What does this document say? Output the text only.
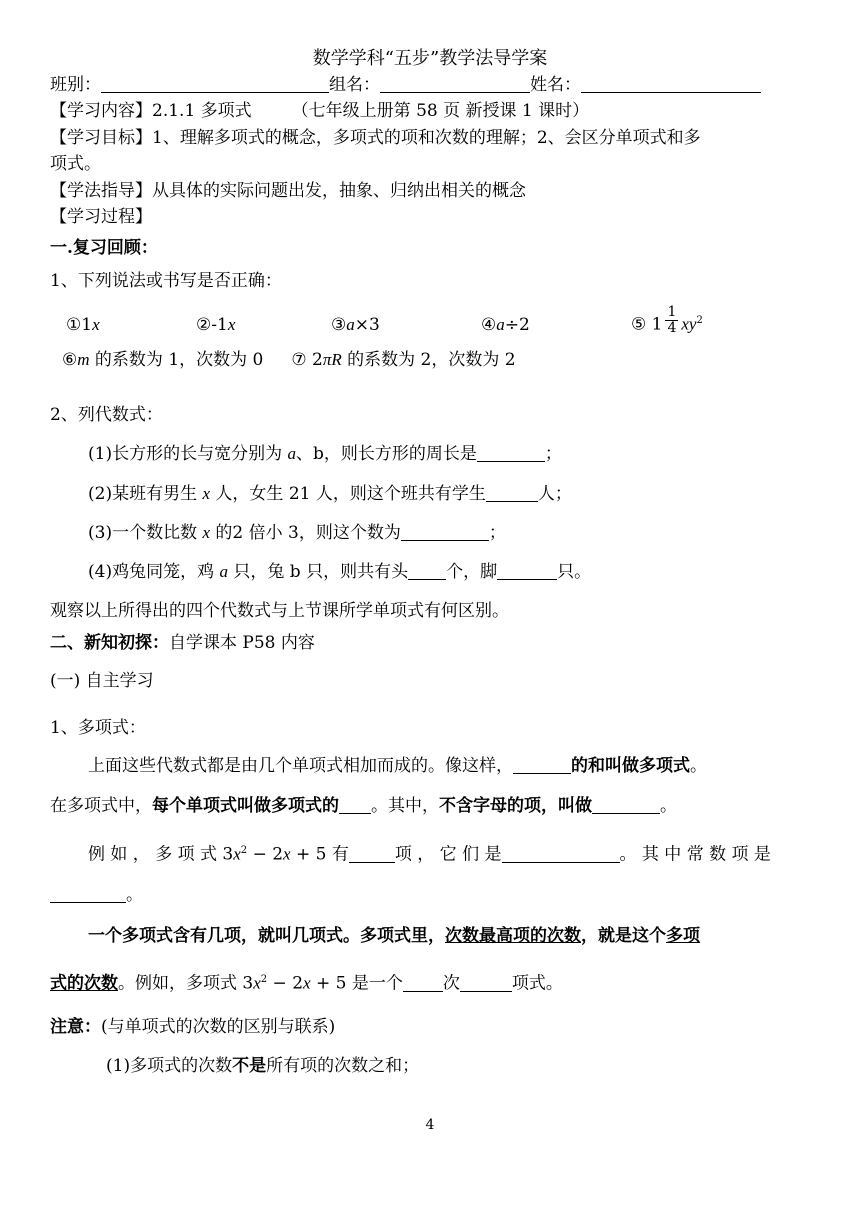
数学学科“五步”教学法导学案
班别：	组名：	姓名：
【学习内容】2.1.1 多项式 （七年级上册第 58 页 新授课 1 课时）
【学习目标】1、理解多项式的概念，多项式的项和次数的理解；2、会区分单项式和多
项式。
【学法指导】从具体的实际问题出发，抽象、归纳出相关的概念
【学习过程】
一.复习回顾：
1、下列说法或书写是否正确：
①1x	②-1x	③a×3	④a÷2	⑤ $1 \frac{1}{4} xy^2$
⑥m 的系数为 1，次数为 0 ⑦ 2πR 的系数为 2，次数为 2
2、列代数式：
(1)长方形的长与宽分别为 a、b，则长方形的周长是	；
(2)某班有男生 x 人，女生 21 人，则这个班共有学生	人；
(3)一个数比数 x 的2 倍小 3，则这个数为	；
(4)鸡兔同笼，鸡 a 只，兔 b 只，则共有头 个，脚	只。
观察以上所得出的四个代数式与上节课所学单项式有何区别。
二、新知初探：自学课本 P58 内容
(一) 自主学习
1、多项式：
上面这些代数式都是由几个单项式相加而成的。像这样，	的和叫做多项式。
在多项式中，每个单项式叫做多项式的 。其中，不含字母的项，叫做	。
例 如 ， 多 项 式 $3x^2 - 2x + 5$ 有	项 ， 它 们 是	。 其 中 常 数 项 是
。
一个多项式含有几项，就叫几项式。多项式里，次数最高项的次数，就是这个多项
式的次数。例如，多项式 $3x^2 - 2x + 5$ 是一个 次	项式。
注意：(与单项式的次数的区别与联系)
(1)多项式的次数不是所有项的次数之和；
4
